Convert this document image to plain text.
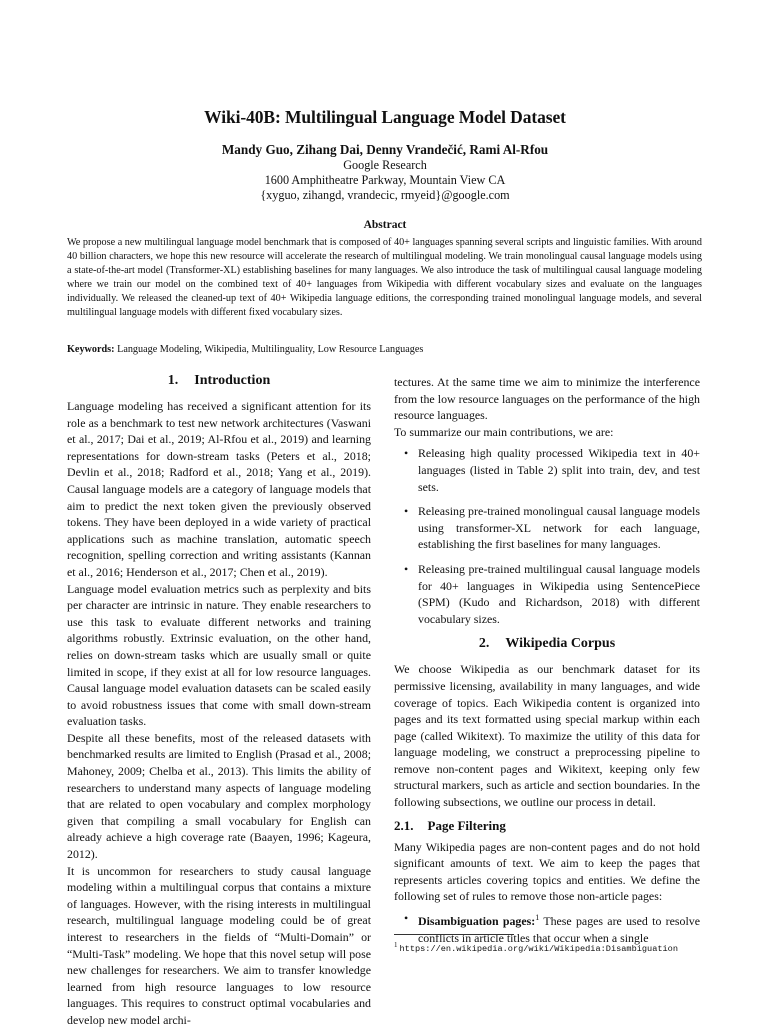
Wiki-40B: Multilingual Language Model Dataset
Mandy Guo, Zihang Dai, Denny Vrandečić, Rami Al-Rfou
Google Research
1600 Amphitheatre Parkway, Mountain View CA
{xyguo, zihangd, vrandecic, rmyeid}@google.com
Abstract
We propose a new multilingual language model benchmark that is composed of 40+ languages spanning several scripts and linguistic families. With around 40 billion characters, we hope this new resource will accelerate the research of multilingual modeling. We train monolingual causal language models using a state-of-the-art model (Transformer-XL) establishing baselines for many languages. We also introduce the task of multilingual causal language modeling where we train our model on the combined text of 40+ languages from Wikipedia with different vocabulary sizes and evaluate on the languages individually. We released the cleaned-up text of 40+ Wikipedia language editions, the corresponding trained monolingual language models, and several multilingual language models with different fixed vocabulary sizes.
Keywords: Language Modeling, Wikipedia, Multilinguality, Low Resource Languages
1. Introduction

Language modeling has received a significant attention for its role as a benchmark to test new network architectures (Vaswani et al., 2017; Dai et al., 2019; Al-Rfou et al., 2019) and learning representations for down-stream tasks (Peters et al., 2018; Devlin et al., 2018; Radford et al., 2018; Yang et al., 2019). Causal language models are a category of language models that aim to predict the next token given the previously observed tokens. They have been deployed in a wide variety of practical applications such as machine translation, automatic speech recognition, spelling correction and writing assistants (Kannan et al., 2016; Henderson et al., 2017; Chen et al., 2019).

Language model evaluation metrics such as perplexity and bits per character are intrinsic in nature. They enable researchers to use this task to evaluate different networks and training algorithms robustly. Extrinsic evaluation, on the other hand, relies on down-stream tasks which are usually small or quite limited in scope, if they exist at all for low resource languages. Causal language model evaluation datasets can be scaled easily to avoid robustness issues that come with small down-stream evaluation tasks.

Despite all these benefits, most of the released datasets with benchmarked results are limited to English (Prasad et al., 2008; Mahoney, 2009; Chelba et al., 2013). This limits the ability of researchers to understand many aspects of language modeling that are related to open vocabulary and complex morphology given that compiling a small vocabulary for English can already achieve a high coverage rate (Baayen, 1996; Kageura, 2012).

It is uncommon for researchers to study causal language modeling within a multilingual corpus that contains a mixture of languages. However, with the rising interests in multilingual research, multilingual language modeling could be of great interest to researchers in the fields of “Multi-Domain” or “Multi-Task” modeling. We hope that this novel setup will pose new challenges for researchers. We aim to transfer knowledge learned from high resource languages to low resource languages. This requires to construct optimal vocabularies and develop new model archi-

tectures. At the same time we aim to minimize the interference from the low resource languages on the performance of the high resource languages.

To summarize our main contributions, we are:

• Releasing high quality processed Wikipedia text in 40+ languages (listed in Table 2) split into train, dev, and test sets.
• Releasing pre-trained monolingual causal language models using transformer-XL network for each language, establishing the first baselines for many languages.
• Releasing pre-trained multilingual causal language models for 40+ languages in Wikipedia using SentencePiece (SPM) (Kudo and Richardson, 2018) with different vocabulary sizes.
2. Wikipedia Corpus

We choose Wikipedia as our benchmark dataset for its permissive licensing, availability in many languages, and wide coverage of topics. Each Wikipedia content is organized into pages and its text formatted using special markup within each page (called Wikitext). To maximize the utility of this data for language modeling, we construct a preprocessing pipeline to remove non-content pages and Wikitext, keeping only few structural markers, such as article and section boundaries. In the following subsections, we outline our process in detail.

2.1. Page Filtering

Many Wikipedia pages are non-content pages and do not hold significant amounts of text. We aim to keep the pages that represents articles covering topics and entities. We define the following set of rules to remove those non-article pages:

• Disambiguation pages:$^1$ These pages are used to resolve conflicts in article titles that occur when a single
$^1$ https://en.wikipedia.org/wiki/Wikipedia:Disambiguation
